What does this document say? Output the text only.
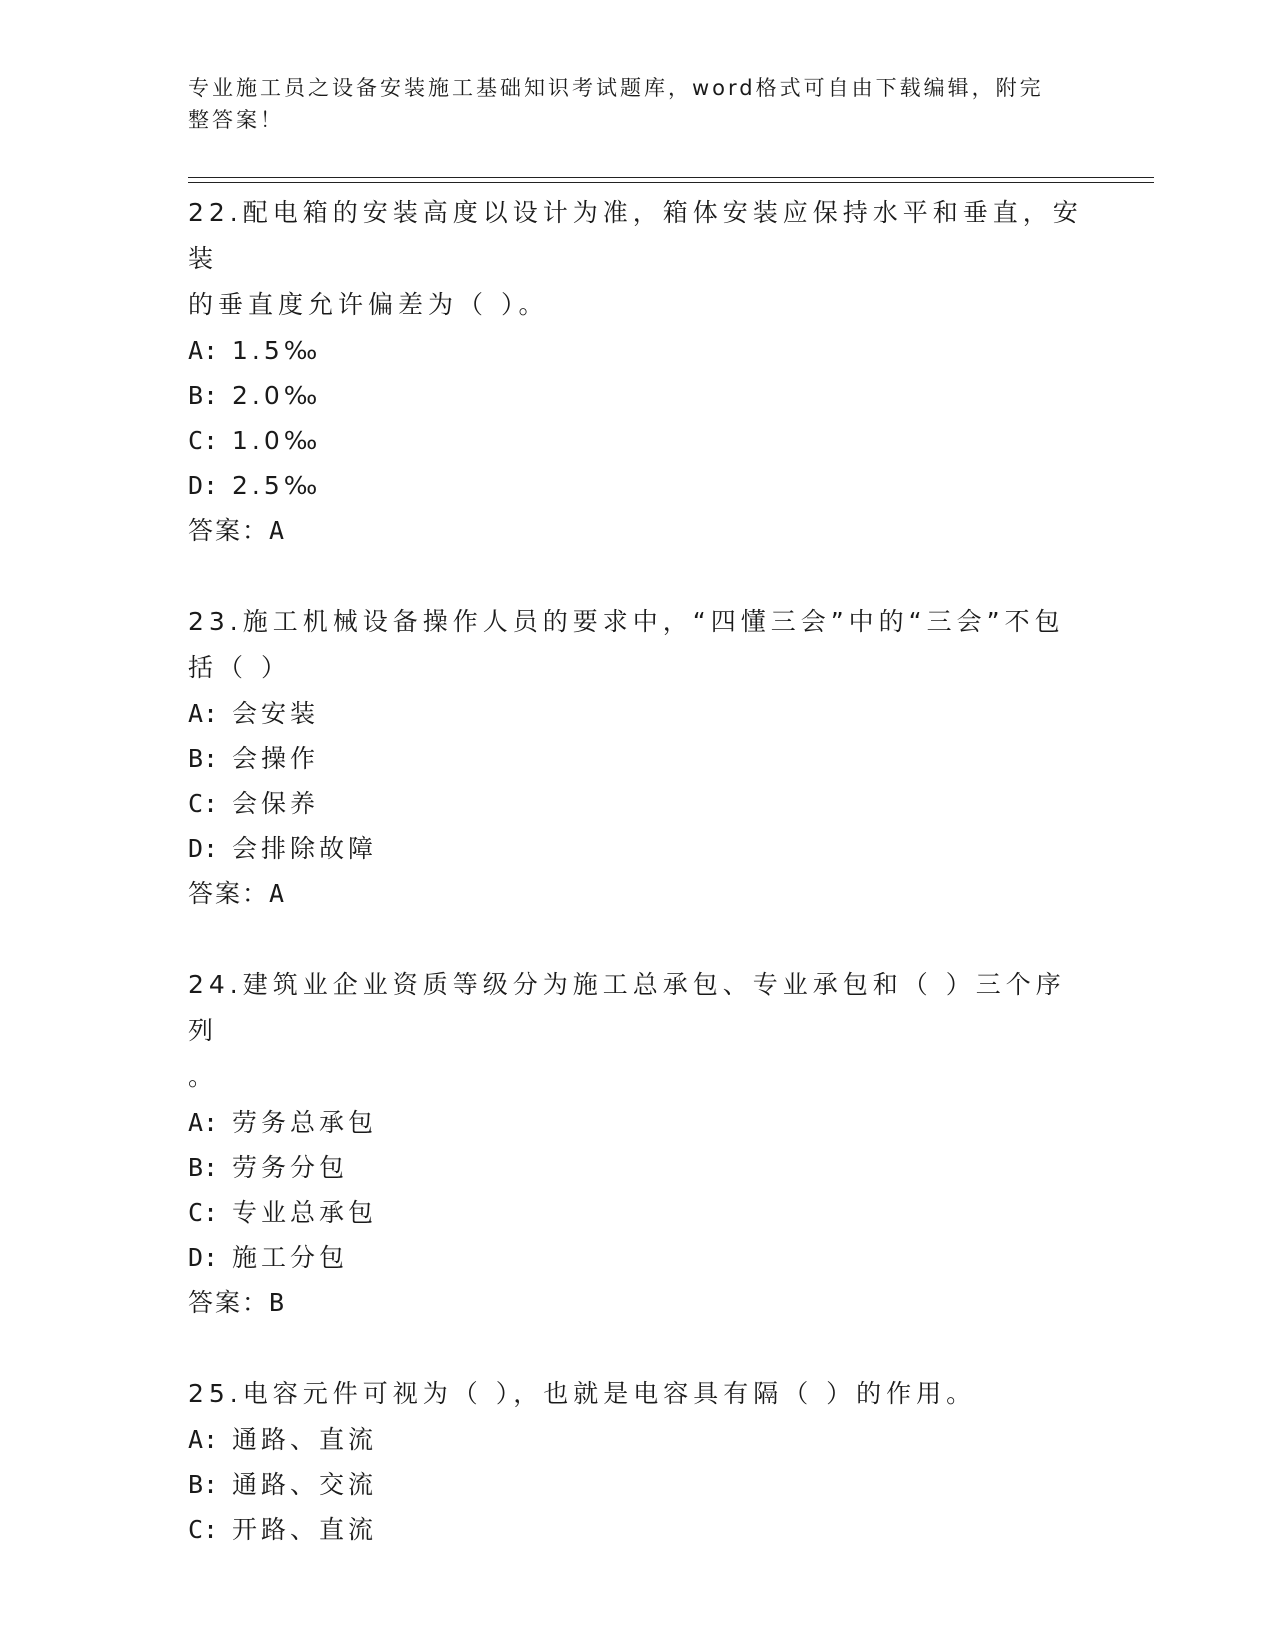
专业施工员之设备安装施工基础知识考试题库，word格式可自由下载编辑，附完
整答案！
22.配电箱的安装高度以设计为准，箱体安装应保持水平和垂直，安装
的垂直度允许偏差为（ ）。
A: 1.5‰
B: 2.0‰
C: 1.0‰
D: 2.5‰
答案：A
23.施工机械设备操作人员的要求中，“四懂三会”中的“三会”不包
括（ ）
A: 会安装
B: 会操作
C: 会保养
D: 会排除故障
答案：A
24.建筑业企业资质等级分为施工总承包、专业承包和（ ）三个序列
。
A: 劳务总承包
B: 劳务分包
C: 专业总承包
D: 施工分包
答案：B
25.电容元件可视为（ ），也就是电容具有隔（ ）的作用。
A: 通路、直流
B: 通路、交流
C: 开路、直流
